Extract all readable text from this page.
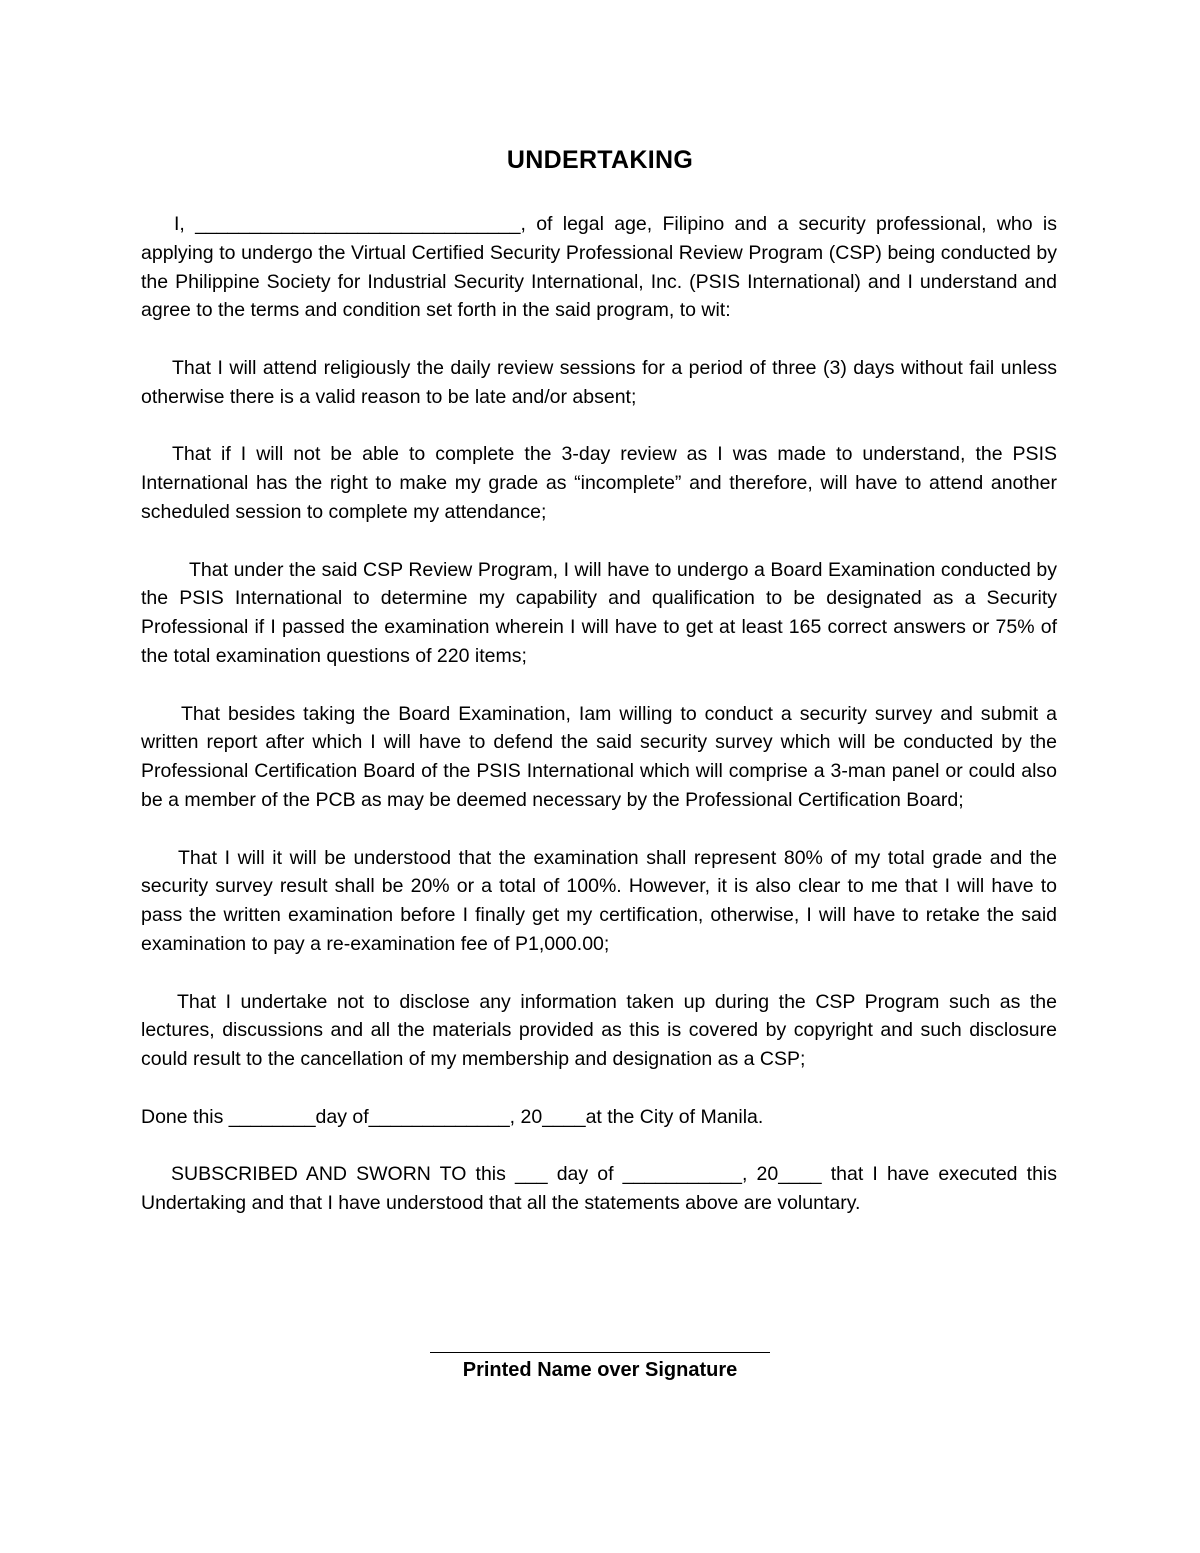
UNDERTAKING

I, ______________________________, of legal age, Filipino and a security professional, who is applying to undergo the Virtual Certified Security Professional Review Program (CSP) being conducted by the Philippine Society for Industrial Security International, Inc. (PSIS International) and I understand and agree to the terms and condition set forth in the said program, to wit:

That I will attend religiously the daily review sessions for a period of three (3) days without fail unless otherwise there is a valid reason to be late and/or absent;

That if I will not be able to complete the 3-day review as I was made to understand, the PSIS International has the right to make my grade as “incomplete” and therefore, will have to attend another scheduled session to complete my attendance;

That under the said CSP Review Program, I will have to undergo a Board Examination conducted by the PSIS International to determine my capability and qualification to be designated as a Security Professional if I passed the examination wherein I will have to get at least 165 correct answers or 75% of the total examination questions of 220 items;

That besides taking the Board Examination, Iam willing to conduct a security survey and submit a written report after which I will have to defend the said security survey which will be conducted by the Professional Certification Board of the PSIS International which will comprise a 3-man panel or could also be a member of the PCB as may be deemed necessary by the Professional Certification Board;

That I will it will be understood that the examination shall represent 80% of my total grade and the security survey result shall be 20% or a total of 100%. However, it is also clear to me that I will have to pass the written examination before I finally get my certification, otherwise, I will have to retake the said examination to pay a re-examination fee of P1,000.00;

That I undertake not to disclose any information taken up during the CSP Program such as the lectures, discussions and all the materials provided as this is covered by copyright and such disclosure could result to the cancellation of my membership and designation as a CSP;

Done this ________day of_____________, 20____at the City of Manila.

SUBSCRIBED AND SWORN TO this ___ day of ___________, 20____ that I have executed this Undertaking and that I have understood that all the statements above are voluntary.

Printed Name over Signature
